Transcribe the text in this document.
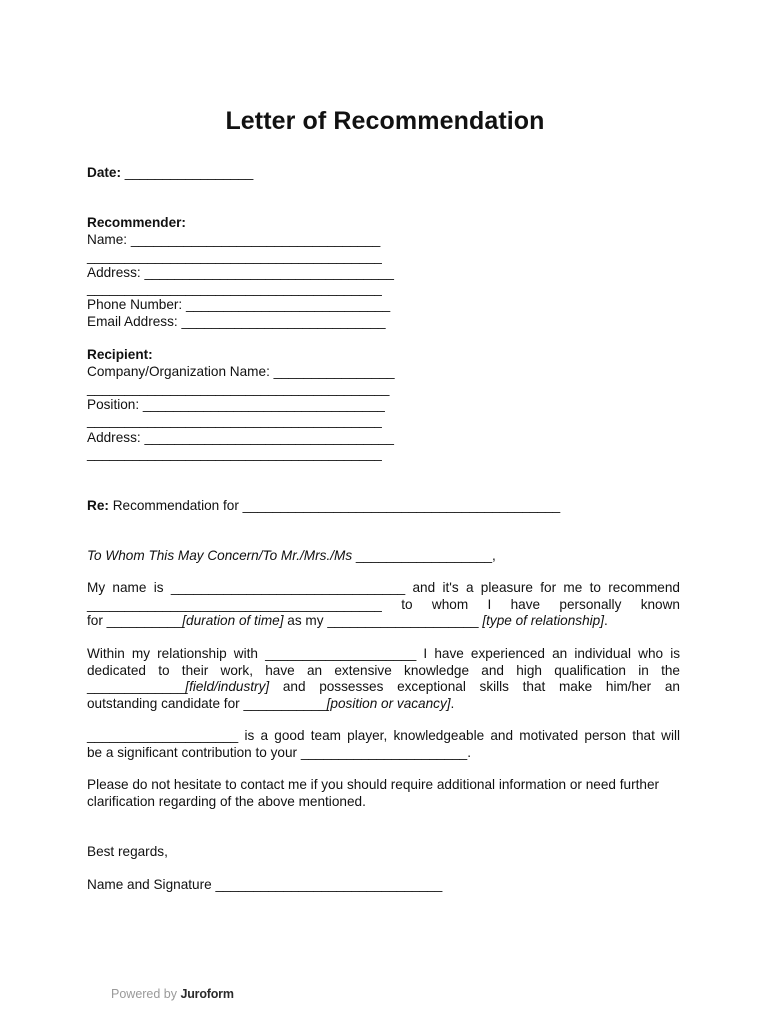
Letter of Recommendation
Date: _________________
Recommender:
Name: _________________________________
_______________________________________
Address: _________________________________
_______________________________________
Phone Number: ___________________________
Email Address: ___________________________
Recipient:
Company/Organization Name: ________________
________________________________________
Position: ________________________________
_______________________________________
Address: _________________________________
_______________________________________
Re: Recommendation for __________________________________________
To Whom This May Concern/To Mr./Mrs./Ms __________________,
My name is _______________________________ and it's a pleasure for me to recommend
_______________________________________ to whom I have personally known
for __________[duration of time] as my ____________________ [type of relationship].
Within my relationship with ____________________ I have experienced an individual who is
dedicated to their work, have an extensive knowledge and high qualification in the
_____________[field/industry] and possesses exceptional skills that make him/her an
outstanding candidate for ___________[position or vacancy].
____________________ is a good team player, knowledgeable and motivated person that will
be a significant contribution to your ______________________.
Please do not hesitate to contact me if you should require additional information or need further
clarification regarding of the above mentioned.
Best regards,
Name and Signature ______________________________
Powered by Juroform
